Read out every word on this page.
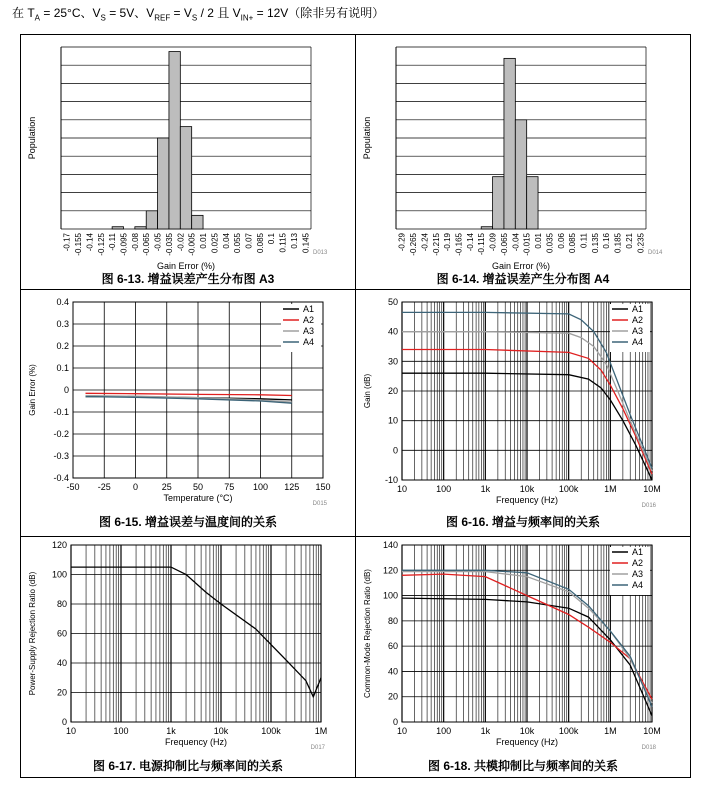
在 $T_A = 25^\circ C$、$V_S = 5V$、$V_{REF} = V_S / 2$ 且 $V_{IN+} = 12V$（除非另有说明）
-0.17 -0.155 -0.14 -0.125 -0.11 -0.095 -0.08 -0.065 -0.05 -0.035 -0.02 -0.005 0.01 0.025 0.04 0.055 0.07 0.085 0.1 0.115 0.13 0.145
Gain Error (%)
Population
D013
图 6-13. 增益误差产生分布图 A3
-0.29 -0.265 -0.24 -0.215 -0.19 -0.165 -0.14 -0.115 -0.09 -0.065 -0.04 -0.015 0.01 0.035 0.06 0.085 0.11 0.135 0.16 0.185 0.21 0.235
Gain Error (%)
Population
D014
图 6-14. 增益误差产生分布图 A4
-50 -25 0	25 50 75 100 125 150
-0.4
-0.3
-0.2
-0.1
0
0.1
0.2
0.3
0.4
A1
A2
A3
A4
Temperature (°C)
Gain Error (%)
D015
图 6-15. 增益误差与温度间的关系
10	100	1k	10k	100k	1M	10M
-10
0
10
20
30
40
50
A1
A2
A3
A4
Frequency (Hz)
Gain (dB)
D016
图 6-16. 增益与频率间的关系
10	100	1k	10k	100k	1M
0
20
40
60
80
100
120
Frequency (Hz)
Power-Supply Rejection Ratio (dB)
D017
图 6-17. 电源抑制比与频率间的关系
10	100	1k	10k	100k	1M	10M
0
20
40
60
80
100
120
140
A1
A2
A3
A4
Frequency (Hz)
Common-Mode Rejection Ratio (dB)
D018
图 6-18. 共模抑制比与频率间的关系
